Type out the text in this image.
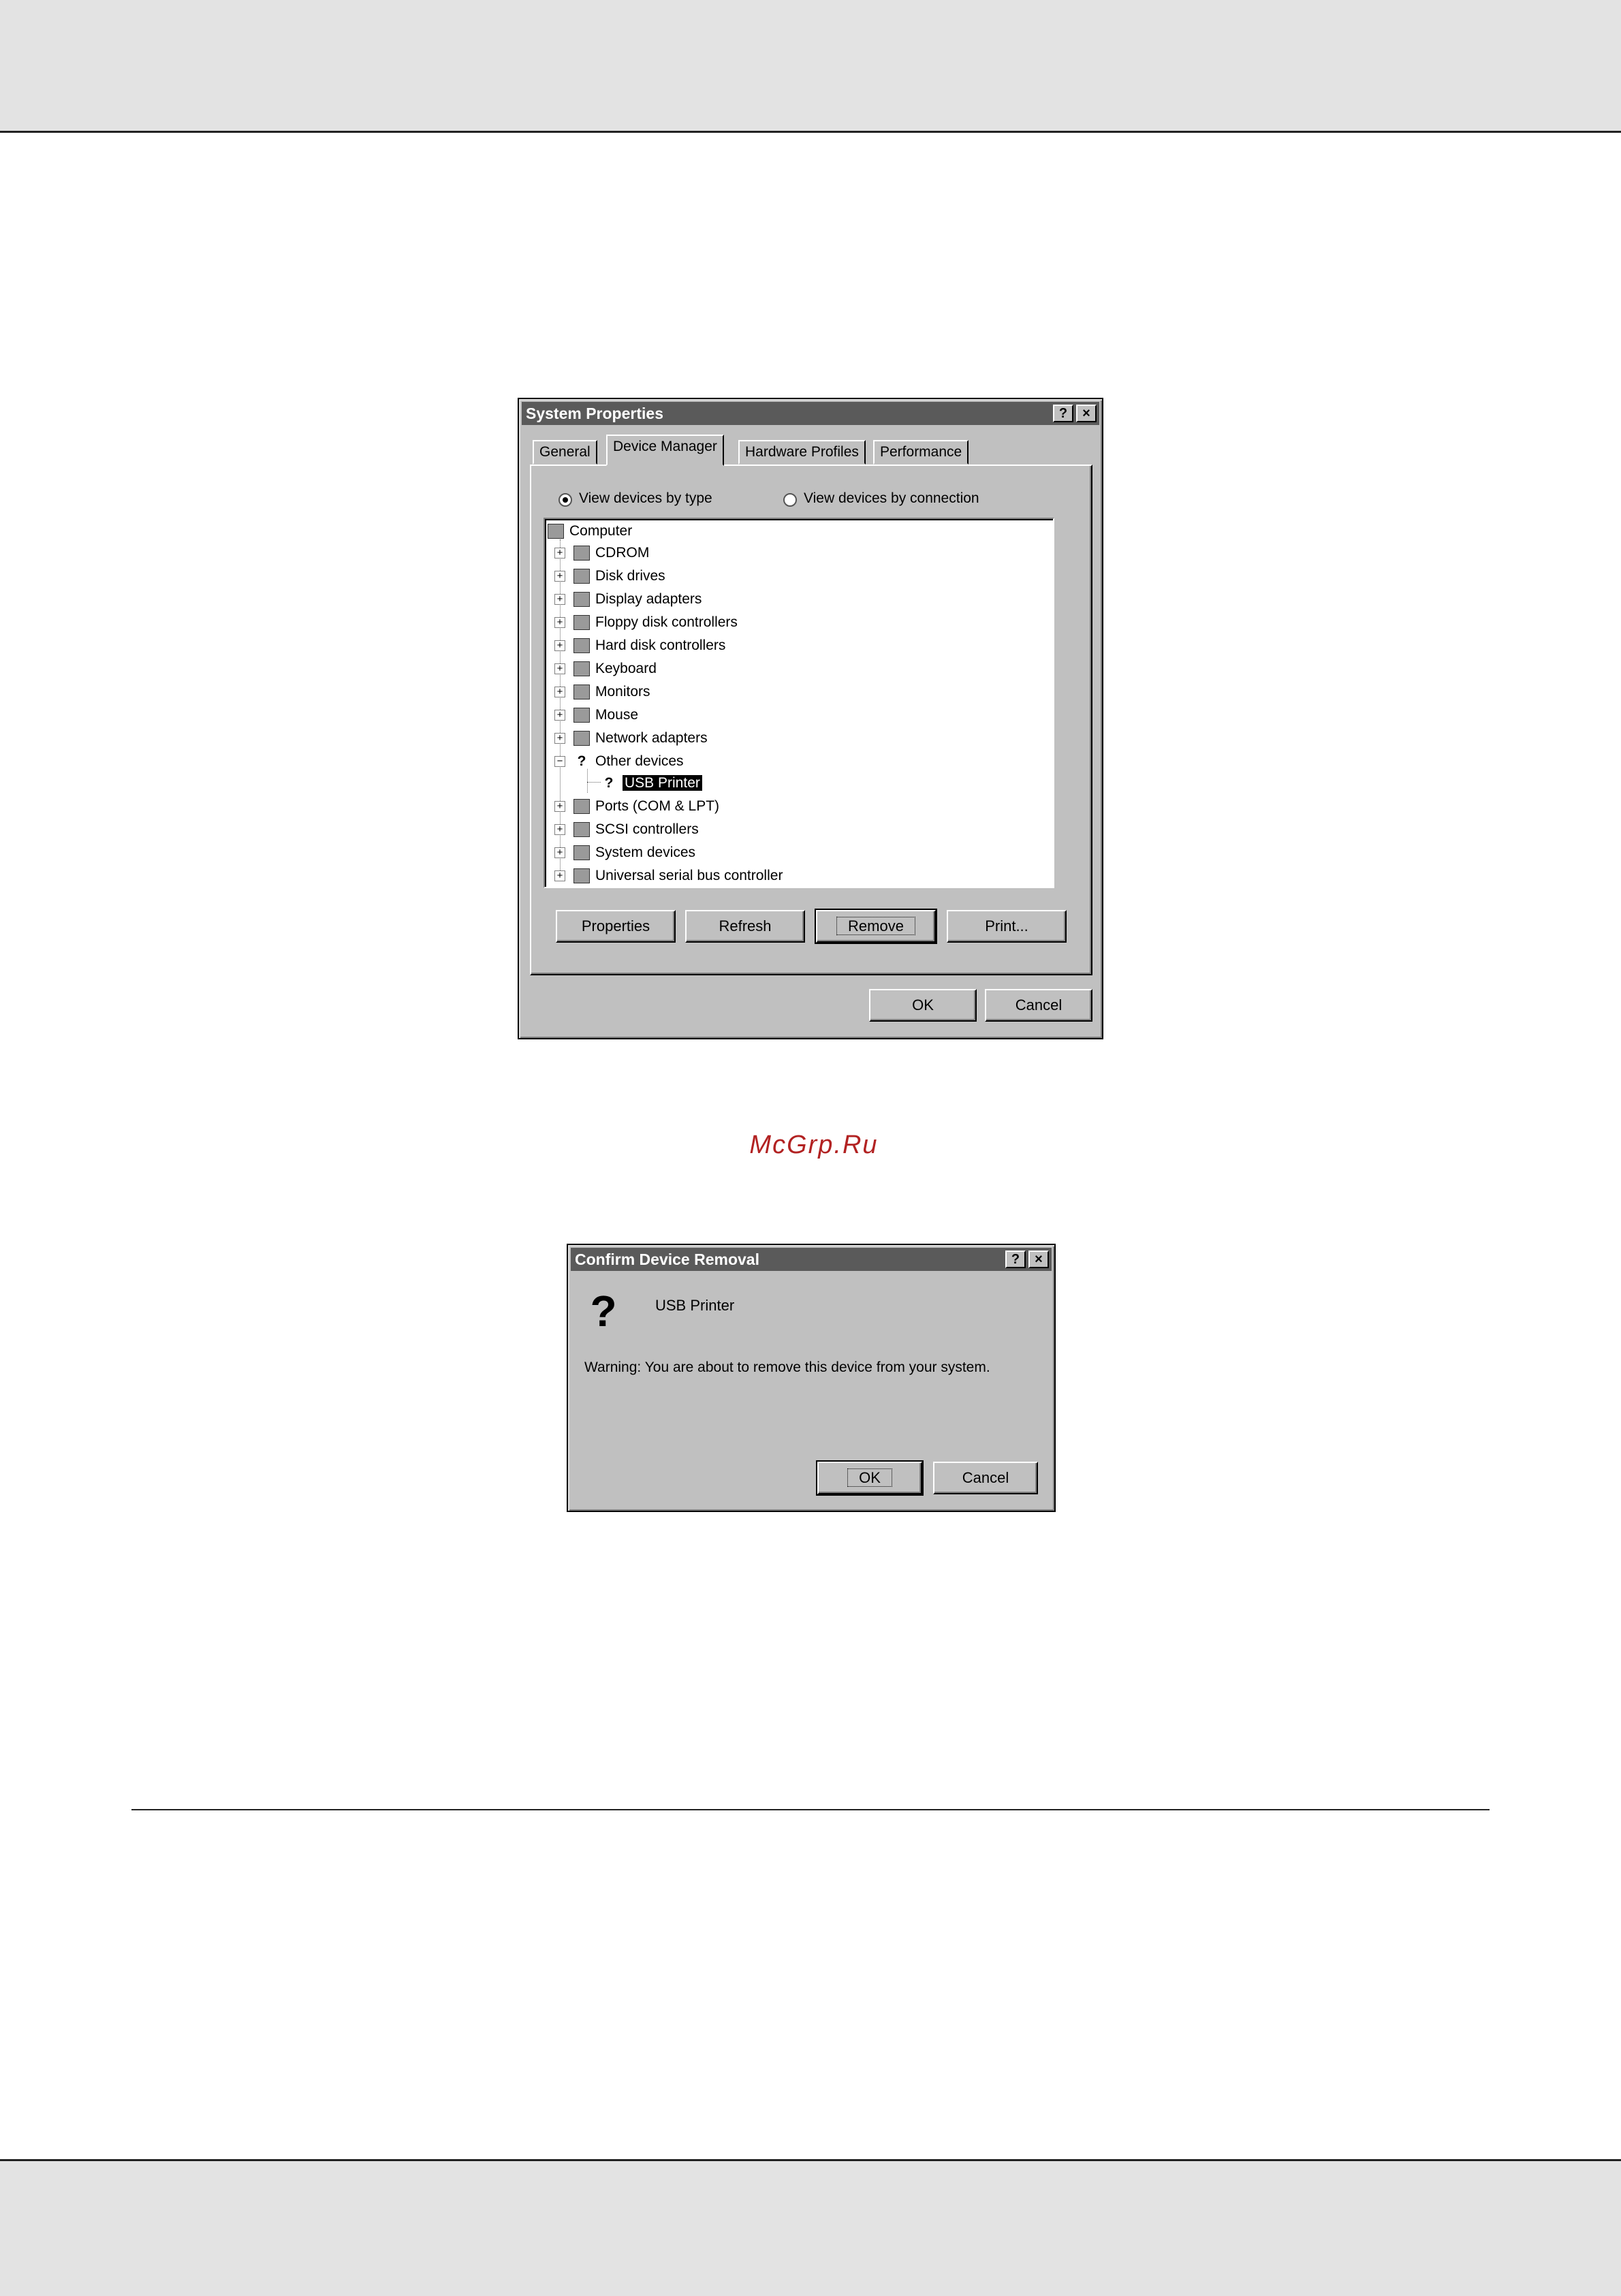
McGrp.Ru
System Properties	?	×
General	Device Manager	Hardware Profiles	Performance
View devices by type	View devices by connection
Computer
+	CDROM
+	Disk drives
+	Display adapters
+	Floppy disk controllers
+	Hard disk controllers
+	Keyboard
+	Monitors
+	Mouse
+	Network adapters
− ? Other devices
? USB Printer
+	Ports (COM & LPT)
+	SCSI controllers
+	System devices
+	Universal serial bus controller
Properties	Refresh	Remove	Print...
OK	Cancel
Confirm Device Removal	?	×
?	USB Printer
Warning: You are about to remove this device from your system.
OK	Cancel
